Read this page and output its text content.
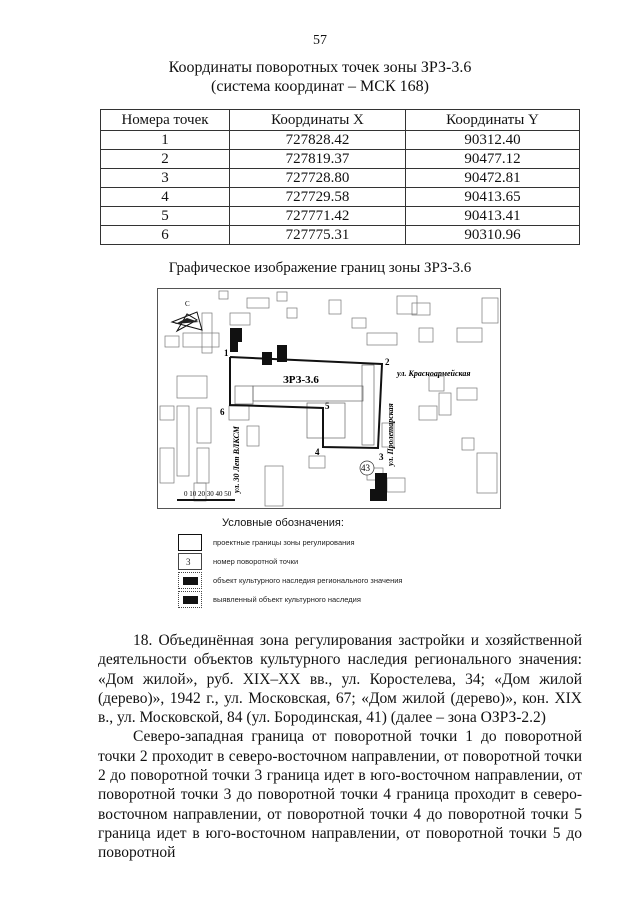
57
Координаты поворотных точек зоны ЗРЗ-3.6
(система координат – МСК 168)
Номера точек	Координаты X	Координаты Y
1	727828.42	90312.40
2	727819.37	90477.12
3	727728.80	90472.81
4	727729.58	90413.65
5	727771.42	90413.41
6	727775.31	90310.96
Графическое изображение границ зоны ЗРЗ-3.6
1
2
3
4
5
6
ЗРЗ-3.6
ул. Красноармейская
ул. Пролетарская
ул. 30 Лет ВЛКСМ	43
С
0 10 20 30 40 50
Условные обозначения:
проектные границы зоны регулирования
3	номер поворотной точки
объект культурного наследия регионального значения
выявленный объект культурного наследия

18. Объединённая зона регулирования застройки и хозяйственной деятельности объектов культурного наследия регионального значения: «Дом жилой», руб. XIX–XX вв., ул. Коростелева, 34; «Дом жилой (дерево)», 1942 г., ул. Московская, 67; «Дом жилой (дерево)», кон. XIX в., ул. Московской, 84 (ул. Бородинская, 41) (далее – зона ОЗРЗ-2.2)

Северо-западная граница от поворотной точки 1 до поворотной точки 2 проходит в северо-восточном направлении, от поворотной точки 2 до поворотной точки 3 граница идет в юго-восточном направлении, от поворотной точки 3 до поворотной точки 4 граница проходит в северо-восточном направлении, от поворотной точки 4 до поворотной точки 5 граница идет в юго-восточном направлении, от поворотной точки 5 до поворотной
